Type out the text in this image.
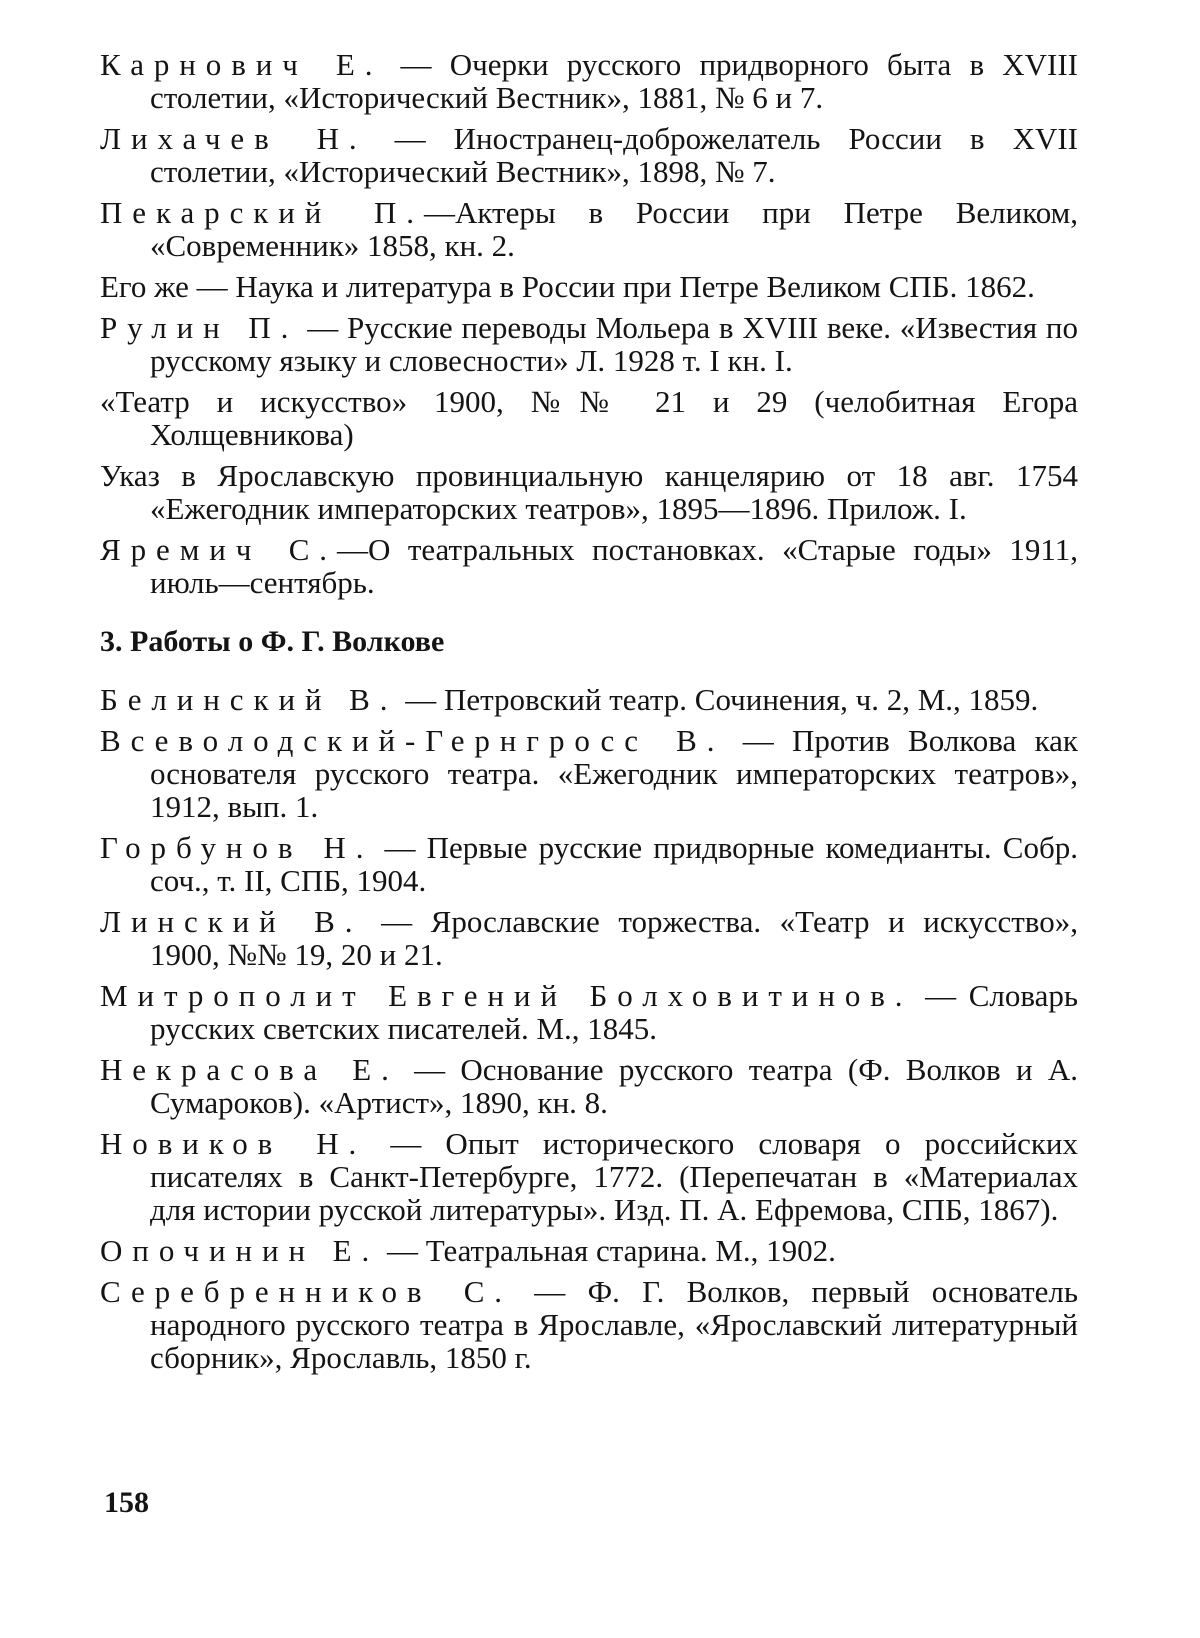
Карнович Е. — Очерки русского придворного быта в XVIII столетии, «Исторический Вестник», 1881, № 6 и 7.

Лихачев Н. — Иностранец-доброжелатель России в XVII столетии, «Исторический Вестник», 1898, № 7.

Пекарский П.—Актеры в России при Петре Великом, «Современник» 1858, кн. 2.

Его же — Наука и литература в России при Петре Великом СПБ. 1862.

Рулин П. — Русские переводы Мольера в XVIII веке. «Известия по русскому языку и словесности» Л. 1928 т. I кн. I.

«Театр и искусство» 1900, №№ 21 и 29 (челобитная Егора Холщевникова)

Указ в Ярославскую провинциальную канцелярию от 18 авг. 1754 «Ежегодник императорских театров», 1895—1896. Прилож. I.

Яремич С.—О театральных постановках. «Старые годы» 1911, июль—сентябрь.

3. Работы о Ф. Г. Волкове

Белинский В. — Петровский театр. Сочинения, ч. 2, М., 1859.

Всеволодский-Гернгросс В. — Против Волкова как основателя русского театра. «Ежегодник императорских театров», 1912, вып. 1.

Горбунов Н. — Первые русские придворные комедианты. Собр. соч., т. II, СПБ, 1904.

Линский В. — Ярославские торжества. «Театр и искусство», 1900, №№ 19, 20 и 21.

Митрополит Евгений Болховитинов. — Словарь русских светских писателей. М., 1845.

Некрасова Е. — Основание русского театра (Ф. Волков и А. Сумароков). «Артист», 1890, кн. 8.

Новиков Н. — Опыт исторического словаря о российских писателях в Санкт-Петербурге, 1772. (Перепечатан в «Материалах для истории русской литературы». Изд. П. А. Ефремова, СПБ, 1867).

Опочинин Е. — Театральная старина. М., 1902.

Серебренников С. — Ф. Г. Волков, первый основатель народного русского театра в Ярославле, «Ярославский литературный сборник», Ярославль, 1850 г.

158
